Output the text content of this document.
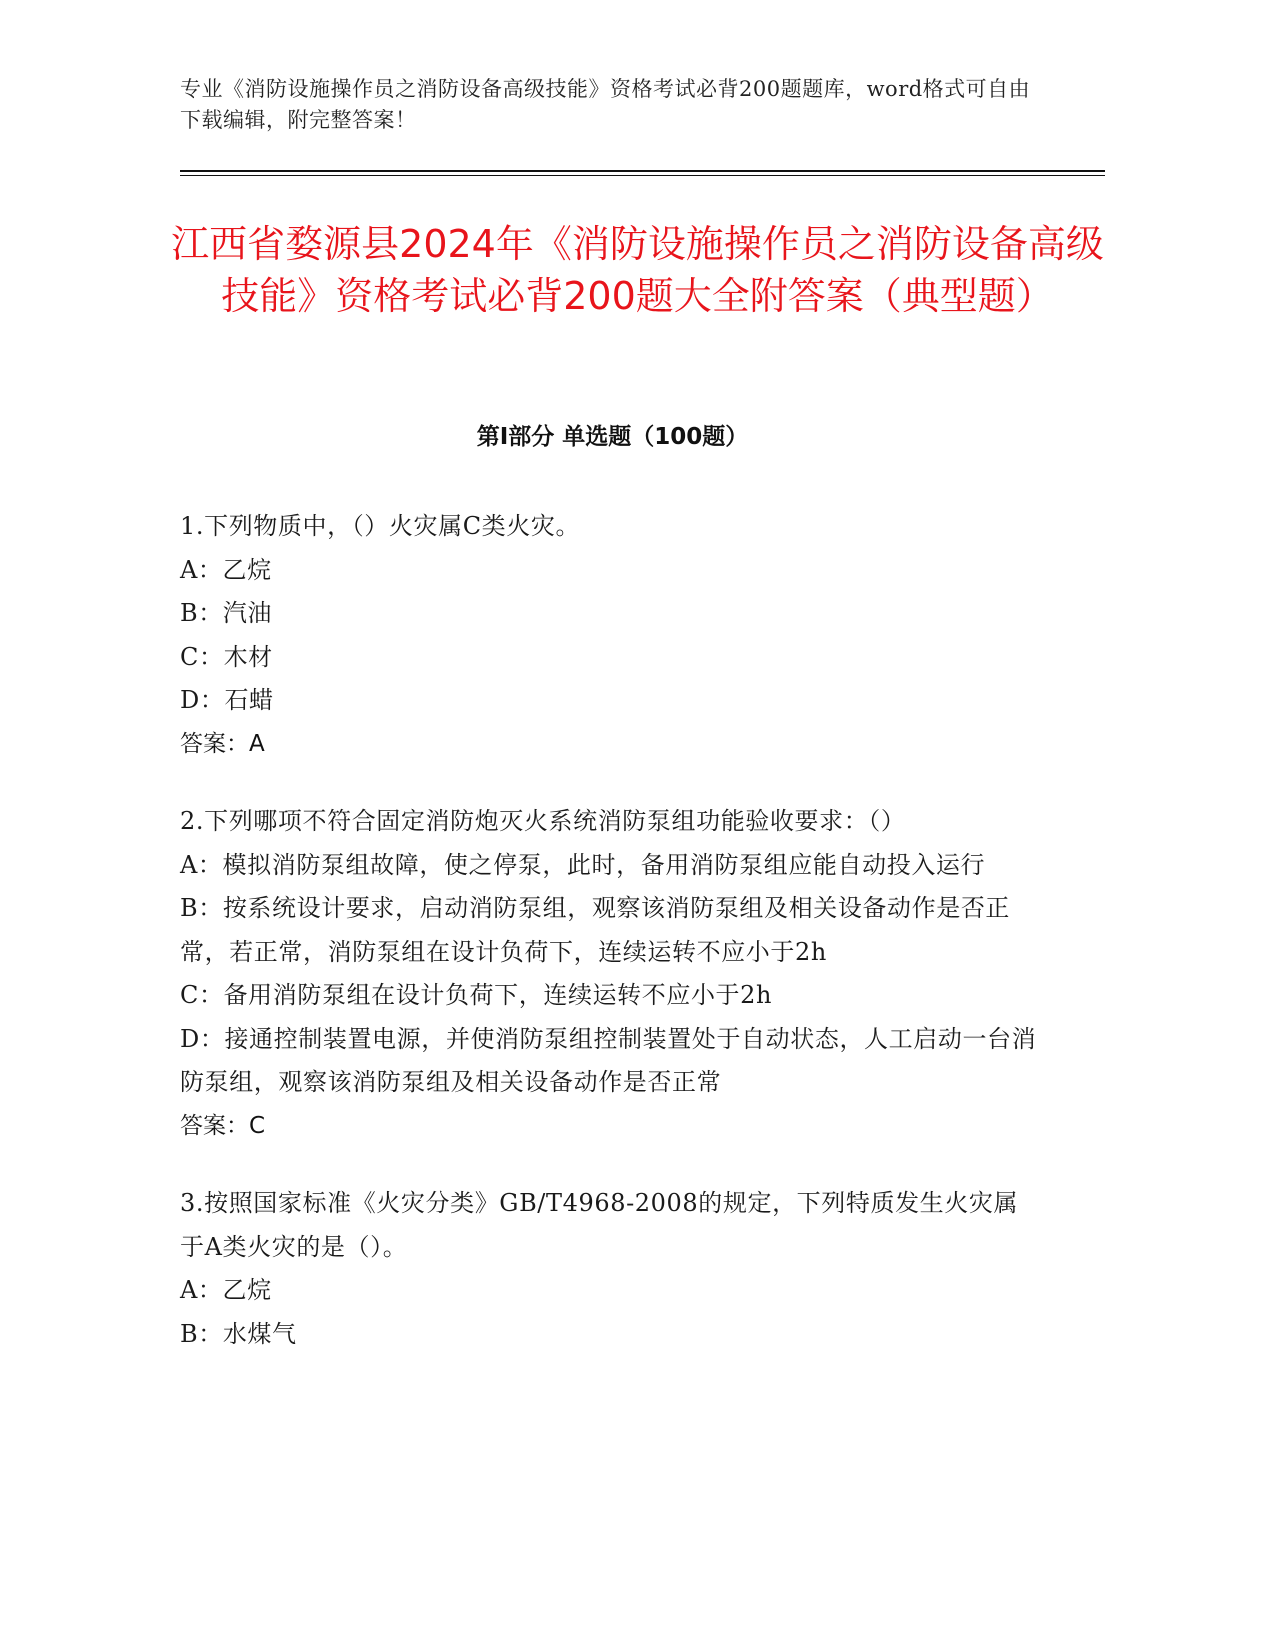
专业《消防设施操作员之消防设备高级技能》资格考试必背200题题库，word格式可自由下载编辑，附完整答案！
江西省婺源县2024年《消防设施操作员之消防设备高级技能》资格考试必背200题大全附答案（典型题）
第Ⅰ部分 单选题（100题）
1.下列物质中，（）火灾属C类火灾。
A：乙烷
B：汽油
C：木材
D：石蜡
答案：A
2.下列哪项不符合固定消防炮灭火系统消防泵组功能验收要求：（）
A：模拟消防泵组故障，使之停泵，此时，备用消防泵组应能自动投入运行
B：按系统设计要求，启动消防泵组，观察该消防泵组及相关设备动作是否正常，若正常，消防泵组在设计负荷下，连续运转不应小于2h
C：备用消防泵组在设计负荷下，连续运转不应小于2h
D：接通控制装置电源，并使消防泵组控制装置处于自动状态，人工启动一台消防泵组，观察该消防泵组及相关设备动作是否正常
答案：C
3.按照国家标准《火灾分类》GB/T4968-2008的规定，下列特质发生火灾属于A类火灾的是（）。
A：乙烷
B：水煤气
